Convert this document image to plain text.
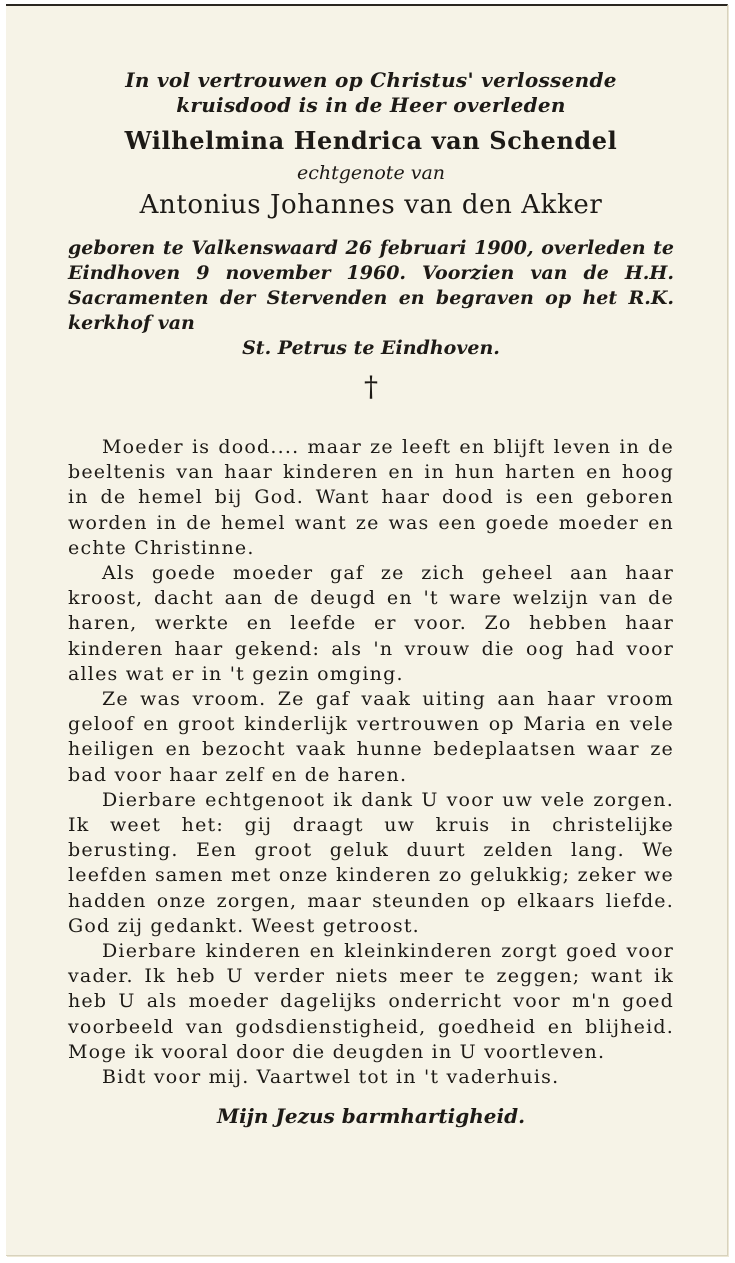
In vol vertrouwen op Christus' verlossende kruisdood is in de Heer overleden

Wilhelmina Hendrica van Schendel

echtgenote van

Antonius Johannes van den Akker

geboren te Valkenswaard 26 februari 1900, overleden te Eindhoven 9 november 1960. Voorzien van de H.H. Sacramenten der Stervenden en begraven op het R.K. kerkhof van

St. Petrus te Eindhoven.

†

Moeder is dood.... maar ze leeft en blijft leven in de beeltenis van haar kinderen en in hun harten en hoog in de hemel bij God. Want haar dood is een geboren worden in de hemel want ze was een goede moeder en echte Christinne.

Als goede moeder gaf ze zich geheel aan haar kroost, dacht aan de deugd en 't ware welzijn van de haren, werkte en leefde er voor. Zo hebben haar kinderen haar gekend: als 'n vrouw die oog had voor alles wat er in 't gezin omging.

Ze was vroom. Ze gaf vaak uiting aan haar vroom geloof en groot kinderlijk vertrouwen op Maria en vele heiligen en bezocht vaak hunne bedeplaatsen waar ze bad voor haar zelf en de haren.

Dierbare echtgenoot ik dank U voor uw vele zorgen. Ik weet het: gij draagt uw kruis in christelijke berusting. Een groot geluk duurt zelden lang. We leefden samen met onze kinderen zo gelukkig; zeker we hadden onze zorgen, maar steunden op elkaars liefde. God zij gedankt. Weest getroost.

Dierbare kinderen en kleinkinderen zorgt goed voor vader. Ik heb U verder niets meer te zeggen; want ik heb U als moeder dagelijks onderricht voor m'n goed voorbeeld van godsdienstigheid, goedheid en blijheid. Moge ik vooral door die deugden in U voortleven.

Bidt voor mij. Vaartwel tot in 't vaderhuis.

Mijn Jezus barmhartigheid.
